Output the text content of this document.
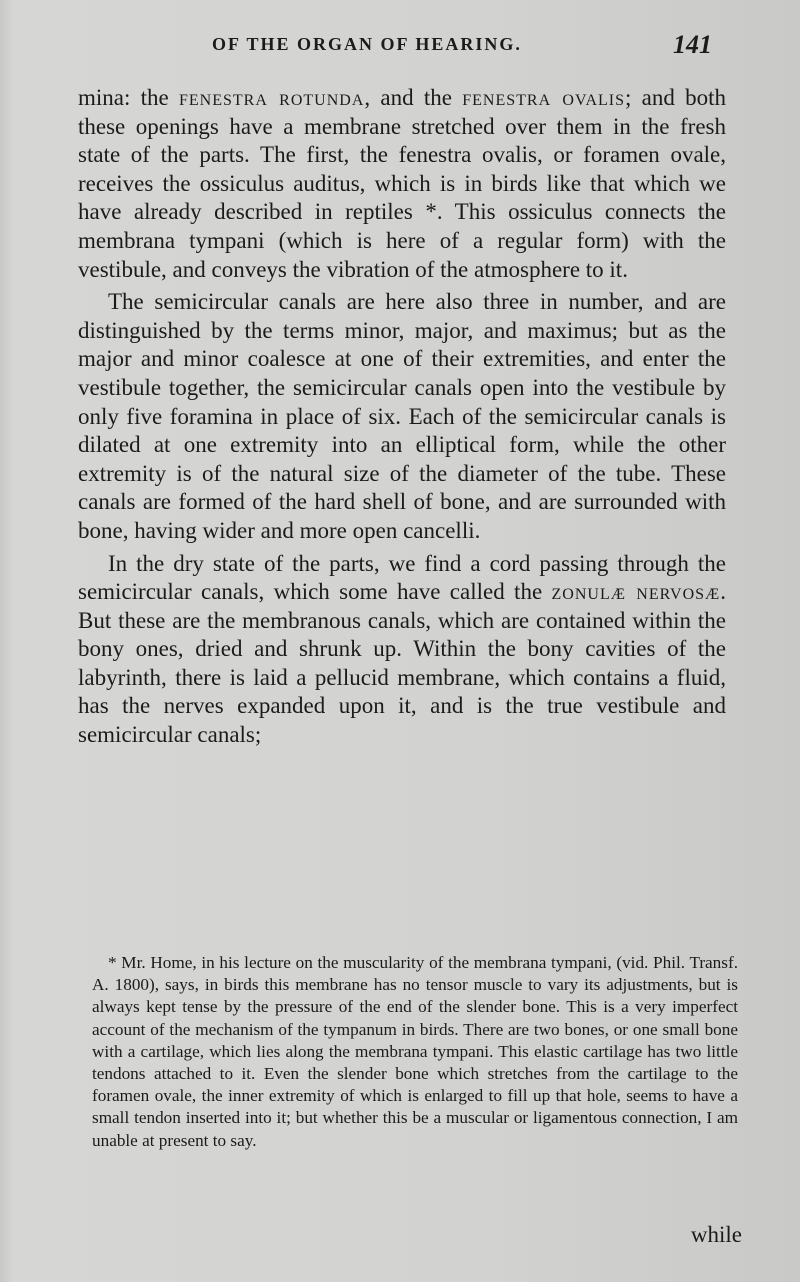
OF THE ORGAN OF HEARING.	141

mina: the fenestra rotunda, and the fenestra ovalis; and both these openings have a membrane stretched over them in the fresh state of the parts. The first, the fenestra ovalis, or foramen ovale, receives the ossiculus auditus, which is in birds like that which we have already described in reptiles *. This ossiculus connects the membrana tympani (which is here of a regular form) with the vestibule, and conveys the vibration of the atmosphere to it.

The semicircular canals are here also three in number, and are distinguished by the terms minor, major, and maximus; but as the major and minor coalesce at one of their extremities, and enter the vestibule together, the semicircular canals open into the vestibule by only five foramina in place of six. Each of the semicircular canals is dilated at one extremity into an elliptical form, while the other extremity is of the natural size of the diameter of the tube. These canals are formed of the hard shell of bone, and are surrounded with bone, having wider and more open cancelli.

In the dry state of the parts, we find a cord passing through the semicircular canals, which some have called the zonulæ nervosæ. But these are the membranous canals, which are contained within the bony ones, dried and shrunk up. Within the bony cavities of the labyrinth, there is laid a pellucid membrane, which contains a fluid, has the nerves expanded upon it, and is the true vestibule and semicircular canals;

* Mr. Home, in his lecture on the muscularity of the membrana tympani, (vid. Phil. Transf. A. 1800), says, in birds this membrane has no tensor muscle to vary its adjustments, but is always kept tense by the pressure of the end of the slender bone. This is a very imperfect account of the mechanism of the tympanum in birds. There are two bones, or one small bone with a cartilage, which lies along the membrana tympani. This elastic cartilage has two little tendons attached to it. Even the slender bone which stretches from the cartilage to the foramen ovale, the inner extremity of which is enlarged to fill up that hole, seems to have a small tendon inserted into it; but whether this be a muscular or ligamentous connection, I am unable at present to say.

while
